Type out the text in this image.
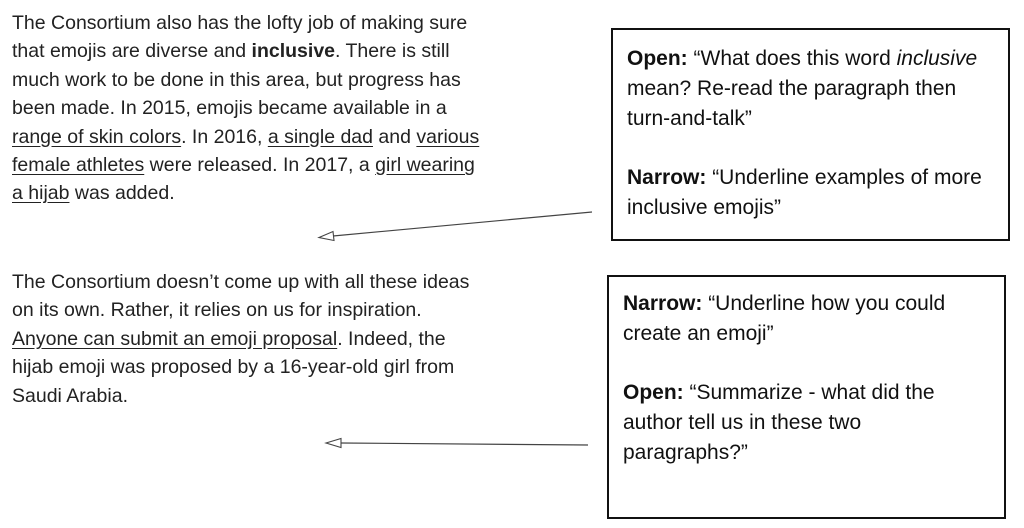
The Consortium also has the lofty job of making sure that emojis are diverse and inclusive. There is still much work to be done in this area, but progress has been made. In 2015, emojis became available in a range of skin colors. In 2016, a single dad and various female athletes were released. In 2017, a girl wearing a hijab was added.

The Consortium doesn’t come up with all these ideas on its own. Rather, it relies on us for inspiration. Anyone can submit an emoji proposal. Indeed, the hijab emoji was proposed by a 16-year-old girl from Saudi Arabia.

Open: “What does this word inclusive mean? Re-read the paragraph then turn-and-talk”

Narrow: “Underline examples of more inclusive emojis”

Narrow: “Underline how you could create an emoji”

Open: “Summarize - what did the author tell us in these two paragraphs?”
